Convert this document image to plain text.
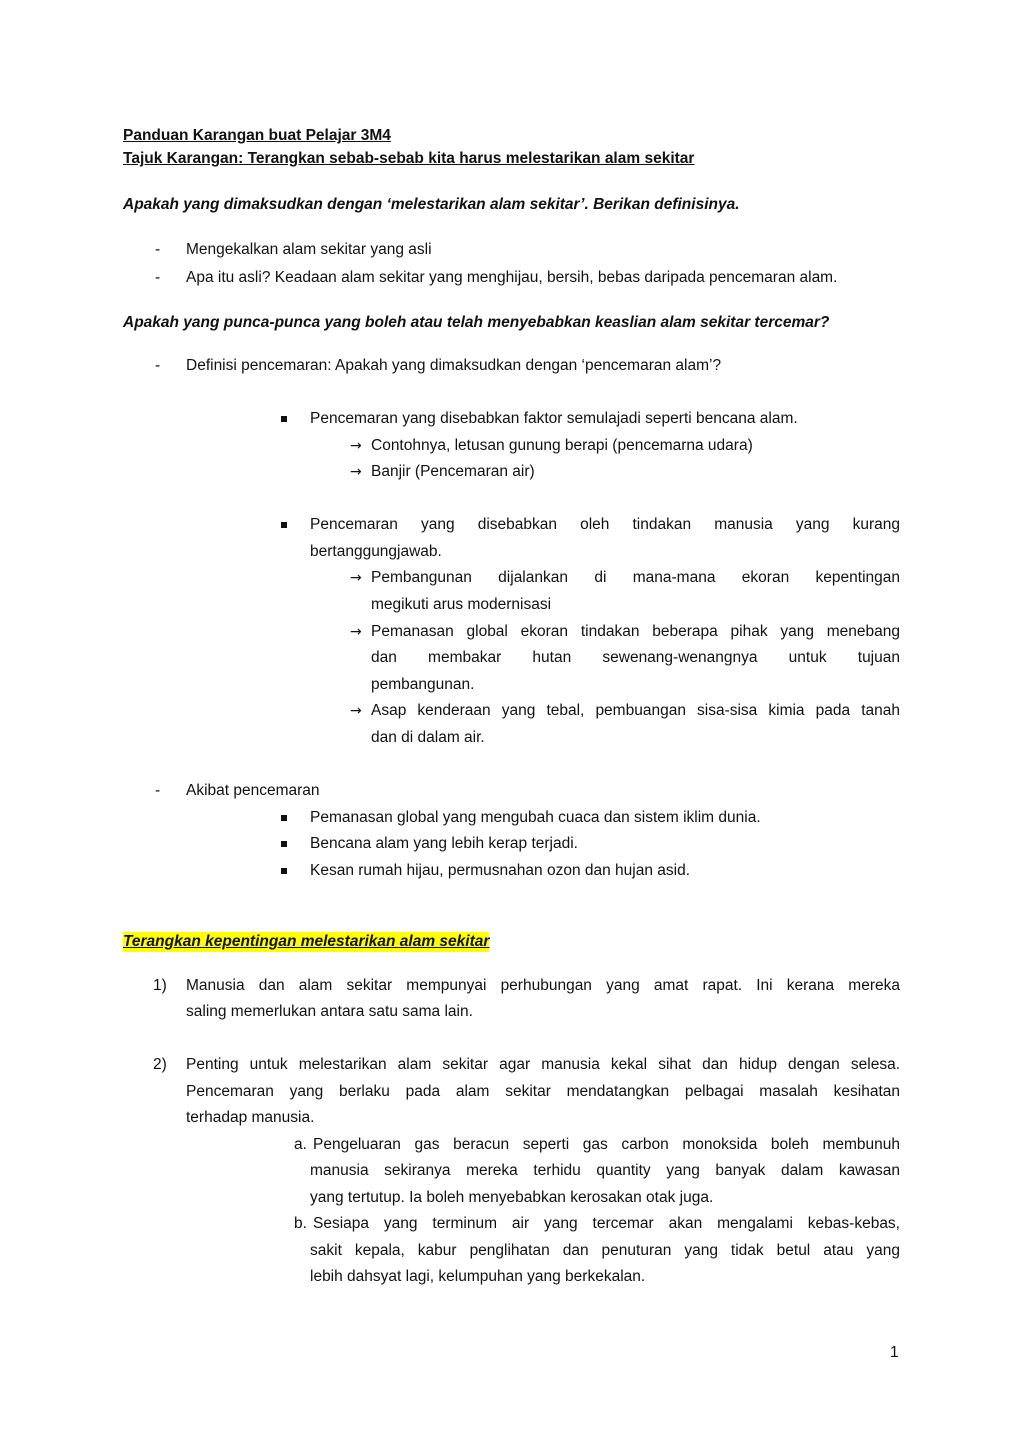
Panduan Karangan buat Pelajar 3M4
Tajuk Karangan: Terangkan sebab-sebab kita harus melestarikan alam sekitar
Apakah yang dimaksudkan dengan ‘melestarikan alam sekitar’. Berikan definisinya.
- Mengekalkan alam sekitar yang asli
- Apa itu asli? Keadaan alam sekitar yang menghijau, bersih, bebas daripada pencemaran alam.
Apakah yang punca-punca yang boleh atau telah menyebabkan keaslian alam sekitar tercemar?
- Definisi pencemaran: Apakah yang dimaksudkan dengan ‘pencemaran alam’?
Pencemaran yang disebabkan faktor semulajadi seperti bencana alam.
→ Contohnya, letusan gunung berapi (pencemarna udara)
→ Banjir (Pencemaran air)
Pencemaran yang disebabkan oleh tindakan manusia yang kurang
bertanggungjawab.
→ Pembangunan dijalankan di mana-mana ekoran kepentingan
megikuti arus modernisasi
→ Pemanasan global ekoran tindakan beberapa pihak yang menebang
dan membakar hutan sewenang-wenangnya untuk tujuan
pembangunan.
→ Asap kenderaan yang tebal, pembuangan sisa-sisa kimia pada tanah
dan di dalam air.
- Akibat pencemaran
Pemanasan global yang mengubah cuaca dan sistem iklim dunia.
Bencana alam yang lebih kerap terjadi.
Kesan rumah hijau, permusnahan ozon dan hujan asid.
Terangkan kepentingan melestarikan alam sekitar
1) Manusia dan alam sekitar mempunyai perhubungan yang amat rapat. Ini kerana mereka
saling memerlukan antara satu sama lain.
2) Penting untuk melestarikan alam sekitar agar manusia kekal sihat dan hidup dengan selesa.
Pencemaran yang berlaku pada alam sekitar mendatangkan pelbagai masalah kesihatan
terhadap manusia.
a. Pengeluaran gas beracun seperti gas carbon monoksida boleh membunuh
manusia sekiranya mereka terhidu quantity yang banyak dalam kawasan
yang tertutup. Ia boleh menyebabkan kerosakan otak juga.
b. Sesiapa yang terminum air yang tercemar akan mengalami kebas-kebas,
sakit kepala, kabur penglihatan dan penuturan yang tidak betul atau yang
lebih dahsyat lagi, kelumpuhan yang berkekalan.
1
